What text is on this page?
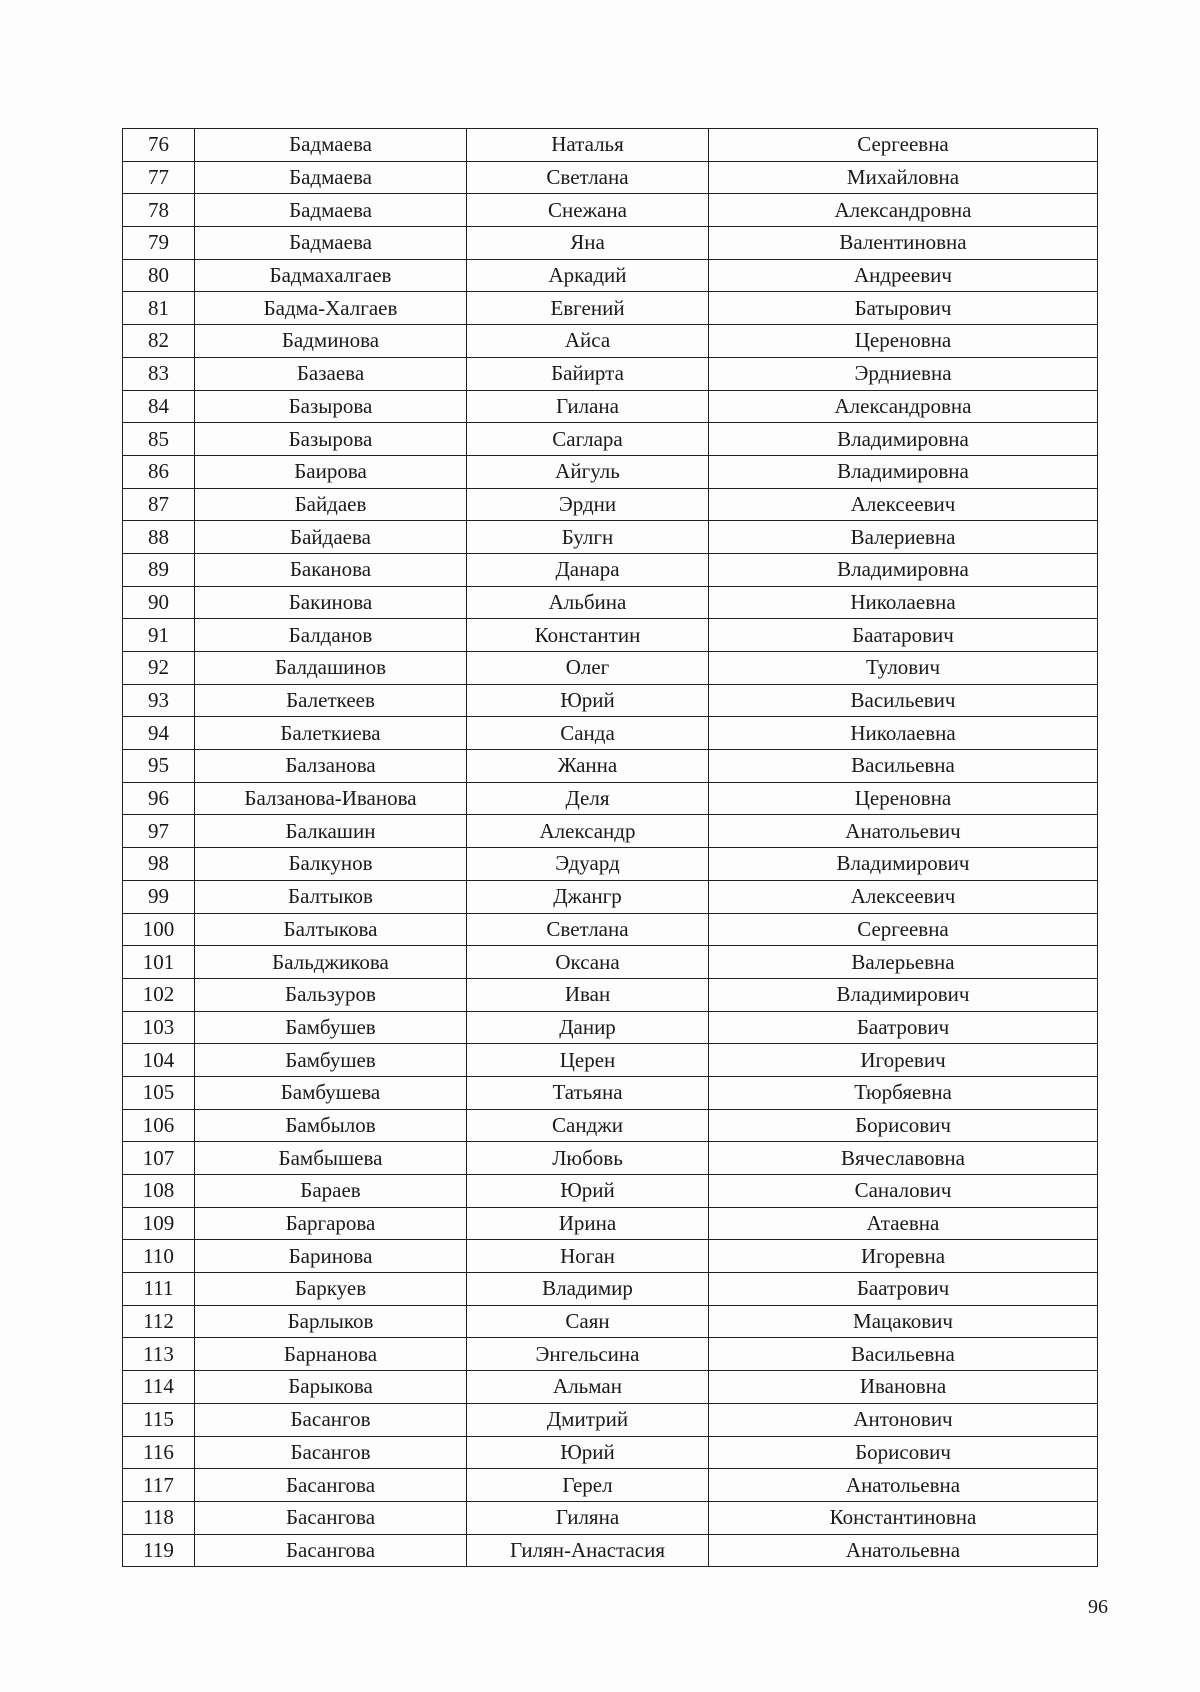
76	Бадмаева	Наталья	Сергеевна
77	Бадмаева	Светлана	Михайловна
78	Бадмаева	Снежана	Александровна
79	Бадмаева	Яна	Валентиновна
80	Бадмахалгаев	Аркадий	Андреевич
81	Бадма-Халгаев	Евгений	Батырович
82	Бадминова	Айса	Цереновна
83	Базаева	Байирта	Эрдниевна
84	Базырова	Гилана	Александровна
85	Базырова	Саглара	Владимировна
86	Баирова	Айгуль	Владимировна
87	Байдаев	Эрдни	Алексеевич
88	Байдаева	Булгн	Валериевна
89	Баканова	Данара	Владимировна
90	Бакинова	Альбина	Николаевна
91	Балданов	Константин	Баатарович
92	Балдашинов	Олег	Тулович
93	Балеткеев	Юрий	Васильевич
94	Балеткиева	Санда	Николаевна
95	Балзанова	Жанна	Васильевна
96	Балзанова-Иванова	Деля	Цереновна
97	Балкашин	Александр	Анатольевич
98	Балкунов	Эдуард	Владимирович
99	Балтыков	Джангр	Алексеевич
100	Балтыкова	Светлана	Сергеевна
101	Бальджикова	Оксана	Валерьевна
102	Бальзуров	Иван	Владимирович
103	Бамбушев	Данир	Баатрович
104	Бамбушев	Церен	Игоревич
105	Бамбушева	Татьяна	Тюрбяевна
106	Бамбылов	Санджи	Борисович
107	Бамбышева	Любовь	Вячеславовна
108	Бараев	Юрий	Саналович
109	Баргарова	Ирина	Атаевна
110	Баринова	Ноган	Игоревна
111	Баркуев	Владимир	Баатрович
112	Барлыков	Саян	Мацакович
113	Барнанова	Энгельсина	Васильевна
114	Барыкова	Альман	Ивановна
115	Басангов	Дмитрий	Антонович
116	Басангов	Юрий	Борисович
117	Басангова	Герел	Анатольевна
118	Басангова	Гиляна	Константиновна
119	Басангова	Гилян-Анастасия	Анатольевна
96
